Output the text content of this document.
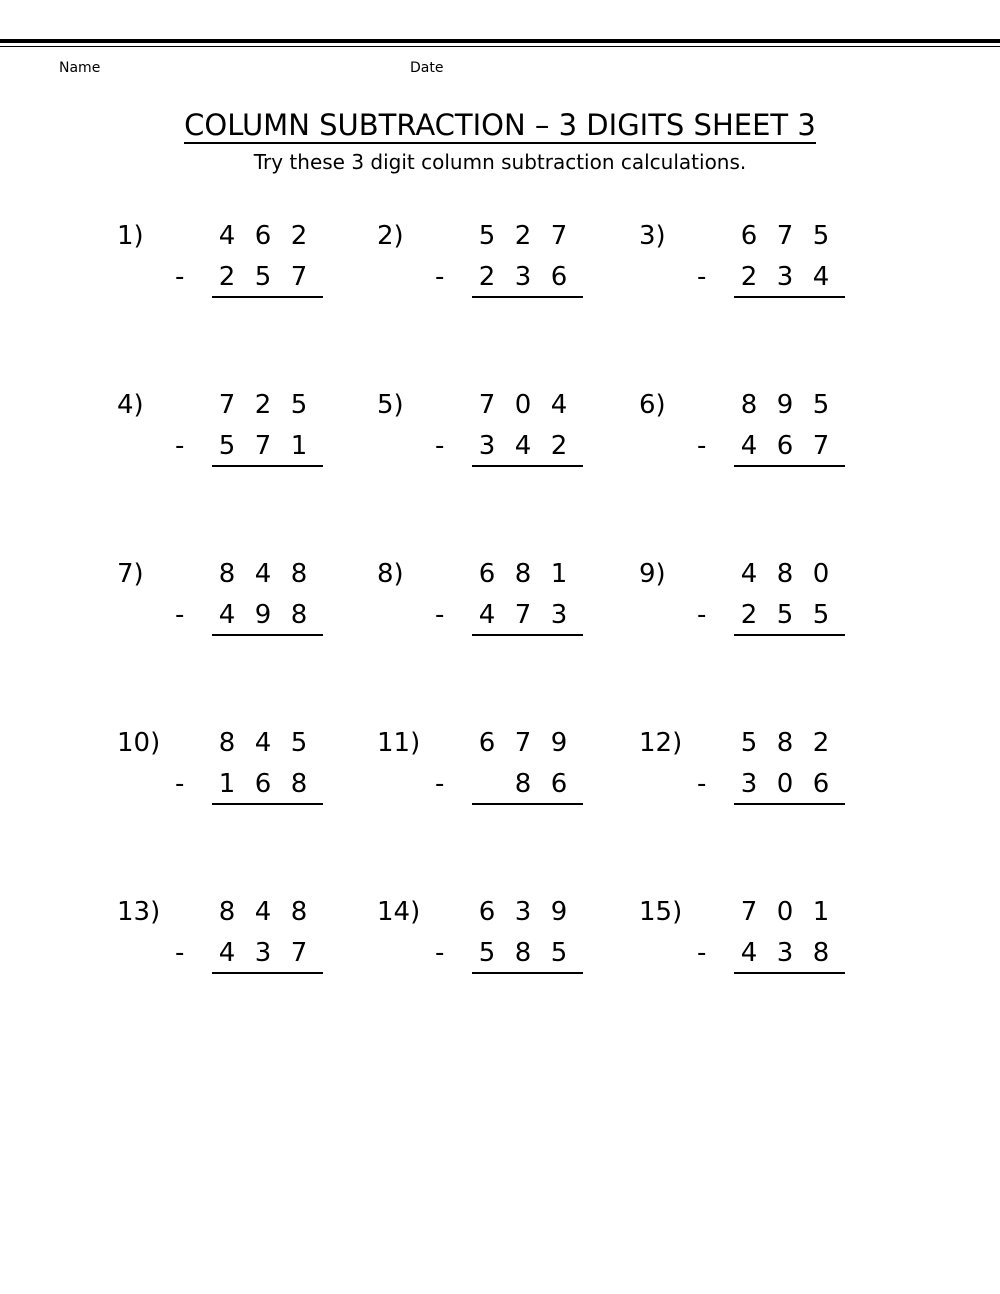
Name	Date
COLUMN SUBTRACTION – 3 DIGITS SHEET 3
Try these 3 digit column subtraction calculations.
1)	4 6 2
2 5 7
-
2)	5 2 7
2 3 6
-
3)	6 7 5
2 3 4
-
4)	7 2 5
5 7 1
-
5)	7 0 4
3 4 2
-
6)	8 9 5
4 6 7
-
7)	8 4 8
4 9 8
-
8)	6 8 1
4 7 3
-
9)	4 8 0
2 5 5
-
10) 8 4 5
1 6 8
-
11) 6 7 9
8 6
-
12) 5 8 2
3 0 6
-
13) 8 4 8
4 3 7
-
14) 6 3 9
5 8 5
-
15) 7 0 1
4 3 8
-
